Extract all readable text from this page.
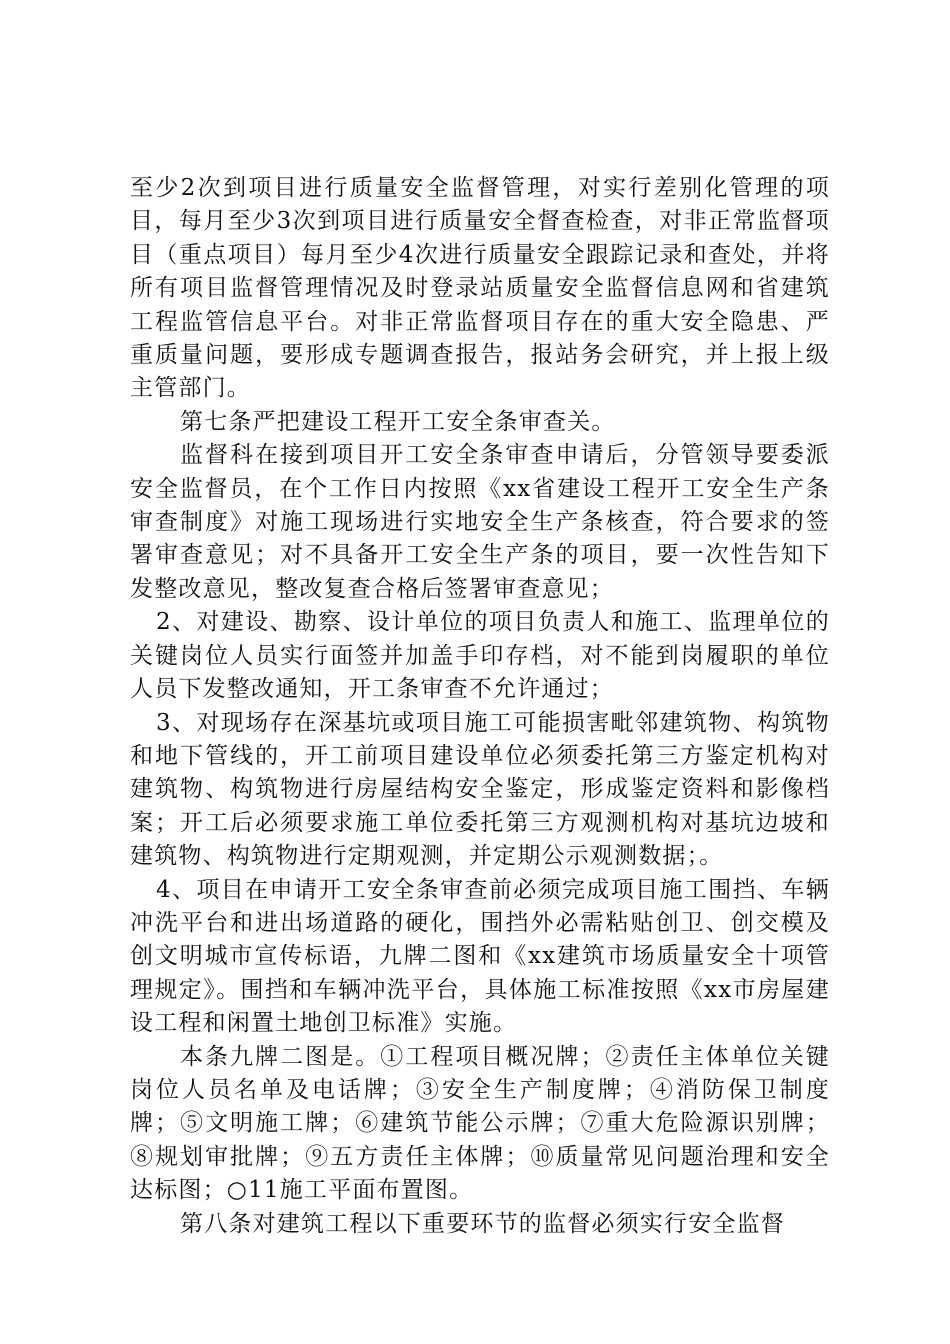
至少2次到项目进行质量安全监督管理，对实行差别化管理的项目，每月至少3次到项目进行质量安全督查检查，对非正常监督项目（重点项目）每月至少4次进行质量安全跟踪记录和查处，并将所有项目监督管理情况及时登录站质量安全监督信息网和省建筑工程监管信息平台。对非正常监督项目存在的重大安全隐患、严重质量问题，要形成专题调查报告，报站务会研究，并上报上级主管部门。

第七条严把建设工程开工安全条审查关。

监督科在接到项目开工安全条审查申请后，分管领导要委派安全监督员，在个工作日内按照《xx省建设工程开工安全生产条审查制度》对施工现场进行实地安全生产条核查，符合要求的签署审查意见；对不具备开工安全生产条的项目，要一次性告知下发整改意见，整改复查合格后签署审查意见；

2、对建设、勘察、设计单位的项目负责人和施工、监理单位的关键岗位人员实行面签并加盖手印存档，对不能到岗履职的单位人员下发整改通知，开工条审查不允许通过；

3、对现场存在深基坑或项目施工可能损害毗邻建筑物、构筑物和地下管线的，开工前项目建设单位必须委托第三方鉴定机构对建筑物、构筑物进行房屋结构安全鉴定，形成鉴定资料和影像档案；开工后必须要求施工单位委托第三方观测机构对基坑边坡和建筑物、构筑物进行定期观测，并定期公示观测数据；。

4、项目在申请开工安全条审查前必须完成项目施工围挡、车辆冲洗平台和进出场道路的硬化，围挡外必需粘贴创卫、创交模及创文明城市宣传标语，九牌二图和《xx建筑市场质量安全十项管理规定》。围挡和车辆冲洗平台，具体施工标准按照《xx市房屋建设工程和闲置土地创卫标准》实施。

本条九牌二图是。①工程项目概况牌；②责任主体单位关键岗位人员名单及电话牌；③安全生产制度牌；④消防保卫制度牌；⑤文明施工牌；⑥建筑节能公示牌；⑦重大危险源识别牌；⑧规划审批牌；⑨五方责任主体牌；⑩质量常见问题治理和安全达标图；○11施工平面布置图。

第八条对建筑工程以下重要环节的监督必须实行安全监督
